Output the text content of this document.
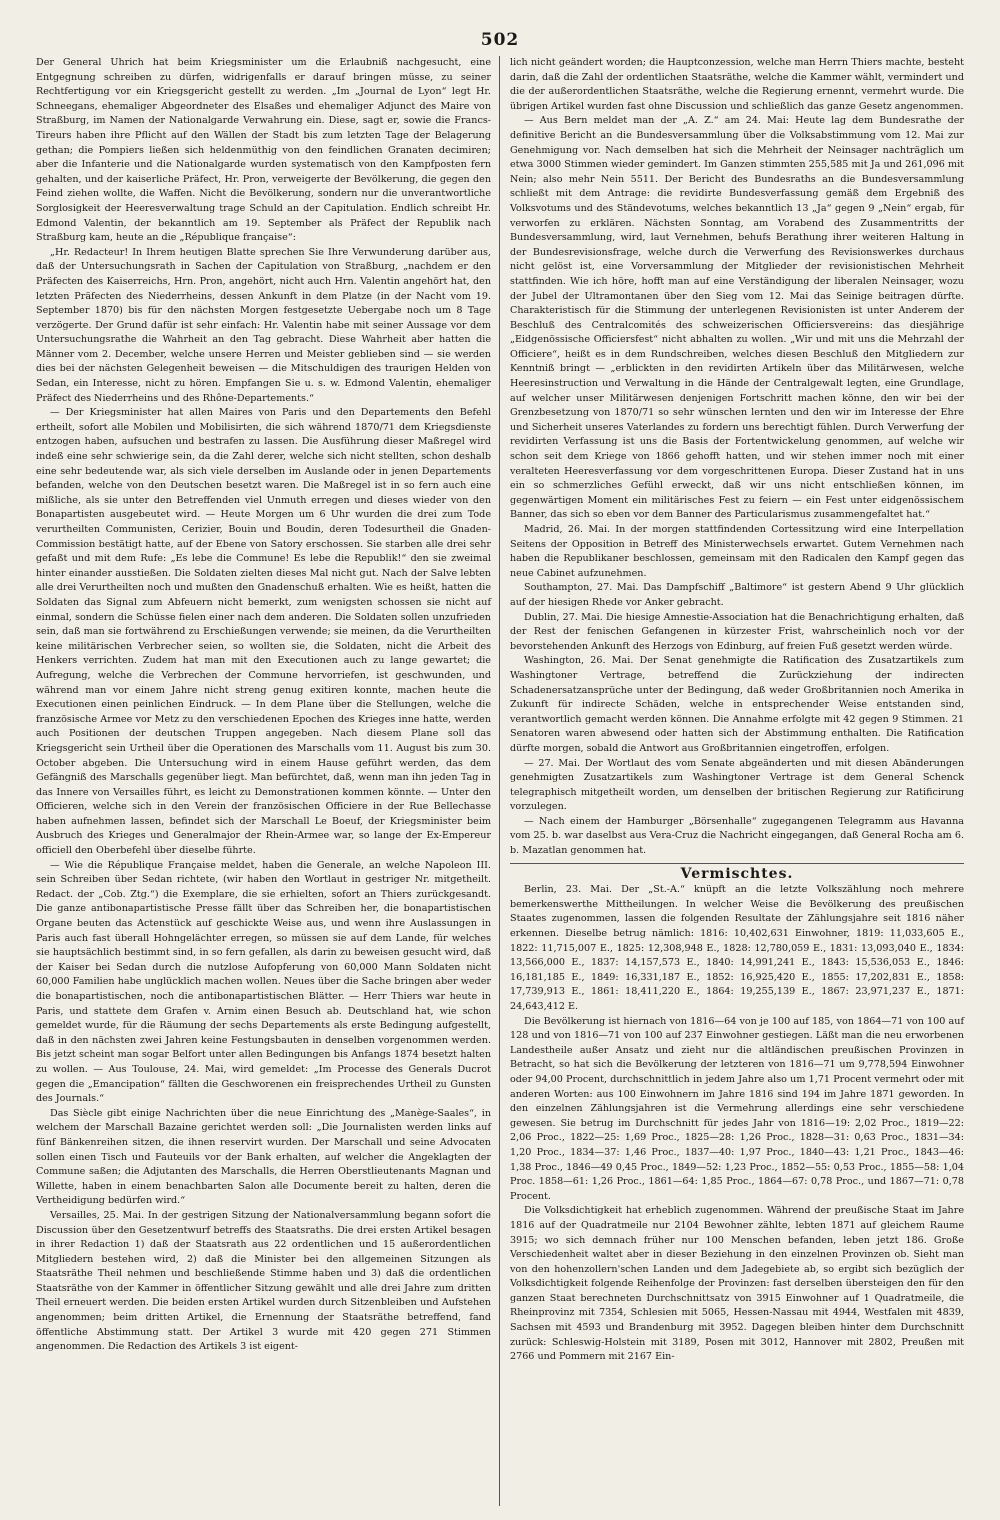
502

Der General Uhrich hat beim Kriegsminister um die Erlaubniß nachgesucht, eine Entgegnung schreiben zu dürfen, widrigenfalls er darauf bringen müsse, zu seiner Rechtfertigung vor ein Kriegsgericht gestellt zu werden. „Im „Journal de Lyon“ legt Hr. Schneegans, ehemaliger Abgeordneter des Elsaßes und ehemaliger Adjunct des Maire von Straßburg, im Namen der Nationalgarde Verwahrung ein. Diese, sagt er, sowie die Francs-Tireurs haben ihre Pflicht auf den Wällen der Stadt bis zum letzten Tage der Belagerung gethan; die Pompiers ließen sich heldenmüthig von den feindlichen Granaten decimiren; aber die Infanterie und die Nationalgarde wurden systematisch von den Kampfposten fern gehalten, und der kaiserliche Präfect, Hr. Pron, verweigerte der Bevölkerung, die gegen den Feind ziehen wollte, die Waffen. Nicht die Bevölkerung, sondern nur die unverantwortliche Sorglosigkeit der Heeresverwaltung trage Schuld an der Capitulation. Endlich schreibt Hr. Edmond Valentin, der bekanntlich am 19. September als Präfect der Republik nach Straßburg kam, heute an die „République française“:

„Hr. Redacteur! In Ihrem heutigen Blatte sprechen Sie Ihre Verwunderung darüber aus, daß der Untersuchungsrath in Sachen der Capitulation von Straßburg, „nachdem er den Präfecten des Kaiserreichs, Hrn. Pron, angehört, nicht auch Hrn. Valentin angehört hat, den letzten Präfecten des Niederrheins, dessen Ankunft in dem Platze (in der Nacht vom 19. September 1870) bis für den nächsten Morgen festgesetzte Uebergabe noch um 8 Tage verzögerte. Der Grund dafür ist sehr einfach: Hr. Valentin habe mit seiner Aussage vor dem Untersuchungsrathe die Wahrheit an den Tag gebracht. Diese Wahrheit aber hatten die Männer vom 2. December, welche unsere Herren und Meister geblieben sind — sie werden dies bei der nächsten Gelegenheit beweisen — die Mitschuldigen des traurigen Helden von Sedan, ein Interesse, nicht zu hören. Empfangen Sie u. s. w. Edmond Valentin, ehemaliger Präfect des Niederrheins und des Rhône-Departements.“

— Der Kriegsminister hat allen Maires von Paris und den Departements den Befehl ertheilt, sofort alle Mobilen und Mobilisirten, die sich während 1870/71 dem Kriegsdienste entzogen haben, aufsuchen und bestrafen zu lassen. Die Ausführung dieser Maßregel wird indeß eine sehr schwierige sein, da die Zahl derer, welche sich nicht stellten, schon deshalb eine sehr bedeutende war, als sich viele derselben im Auslande oder in jenen Departements befanden, welche von den Deutschen besetzt waren. Die Maßregel ist in so fern auch eine mißliche, als sie unter den Betreffenden viel Unmuth erregen und dieses wieder von den Bonapartisten ausgebeutet wird. — Heute Morgen um 6 Uhr wurden die drei zum Tode verurtheilten Communisten, Cerizier, Bouin und Boudin, deren Todesurtheil die Gnaden-Commission bestätigt hatte, auf der Ebene von Satory erschossen. Sie starben alle drei sehr gefaßt und mit dem Rufe: „Es lebe die Commune! Es lebe die Republik!“ den sie zweimal hinter einander ausstießen. Die Soldaten zielten dieses Mal nicht gut. Nach der Salve lebten alle drei Verurtheilten noch und mußten den Gnadenschuß erhalten. Wie es heißt, hatten die Soldaten das Signal zum Abfeuern nicht bemerkt, zum wenigsten schossen sie nicht auf einmal, sondern die Schüsse fielen einer nach dem anderen. Die Soldaten sollen unzufrieden sein, daß man sie fortwährend zu Erschießungen verwende; sie meinen, da die Verurtheilten keine militärischen Verbrecher seien, so wollten sie, die Soldaten, nicht die Arbeit des Henkers verrichten. Zudem hat man mit den Executionen auch zu lange gewartet; die Aufregung, welche die Verbrechen der Commune hervorriefen, ist geschwunden, und während man vor einem Jahre nicht streng genug exitiren konnte, machen heute die Executionen einen peinlichen Eindruck. — In dem Plane über die Stellungen, welche die französische Armee vor Metz zu den verschiedenen Epochen des Krieges inne hatte, werden auch Positionen der deutschen Truppen angegeben. Nach diesem Plane soll das Kriegsgericht sein Urtheil über die Operationen des Marschalls vom 11. August bis zum 30. October abgeben. Die Untersuchung wird in einem Hause geführt werden, das dem Gefängniß des Marschalls gegenüber liegt. Man befürchtet, daß, wenn man ihn jeden Tag in das Innere von Versailles führt, es leicht zu Demonstrationen kommen könnte. — Unter den Officieren, welche sich in den Verein der französischen Officiere in der Rue Bellechasse haben aufnehmen lassen, befindet sich der Marschall Le Boeuf, der Kriegsminister beim Ausbruch des Krieges und Generalmajor der Rhein-Armee war, so lange der Ex-Empereur officiell den Oberbefehl über dieselbe führte.

— Wie die République Française meldet, haben die Generale, an welche Napoleon III. sein Schreiben über Sedan richtete, (wir haben den Wortlaut in gestriger Nr. mitgetheilt. Redact. der „Cob. Ztg.“) die Exemplare, die sie erhielten, sofort an Thiers zurückgesandt. Die ganze antibonapartistische Presse fällt über das Schreiben her, die bonapartistischen Organe beuten das Actenstück auf geschickte Weise aus, und wenn ihre Auslassungen in Paris auch fast überall Hohngelächter erregen, so müssen sie auf dem Lande, für welches sie hauptsächlich bestimmt sind, in so fern gefallen, als darin zu beweisen gesucht wird, daß der Kaiser bei Sedan durch die nutzlose Aufopferung von 60,000 Mann Soldaten nicht 60,000 Familien habe unglücklich machen wollen. Neues über die Sache bringen aber weder die bonapartistischen, noch die antibonapartistischen Blätter. — Herr Thiers war heute in Paris, und stattete dem Grafen v. Arnim einen Besuch ab. Deutschland hat, wie schon gemeldet wurde, für die Räumung der sechs Departements als erste Bedingung aufgestellt, daß in den nächsten zwei Jahren keine Festungsbauten in denselben vorgenommen werden. Bis jetzt scheint man sogar Belfort unter allen Bedingungen bis Anfangs 1874 besetzt halten zu wollen. — Aus Toulouse, 24. Mai, wird gemeldet: „Im Processe des Generals Ducrot gegen die „Emancipation“ fällten die Geschworenen ein freisprechendes Urtheil zu Gunsten des Journals.“

Das Siècle gibt einige Nachrichten über die neue Einrichtung des „Manège-Saales“, in welchem der Marschall Bazaine gerichtet werden soll: „Die Journalisten werden links auf fünf Bänkenreihen sitzen, die ihnen reservirt wurden. Der Marschall und seine Advocaten sollen einen Tisch und Fauteuils vor der Bank erhalten, auf welcher die Angeklagten der Commune saßen; die Adjutanten des Marschalls, die Herren Oberstlieutenants Magnan und Willette, haben in einem benachbarten Salon alle Documente bereit zu halten, deren die Vertheidigung bedürfen wird.“

Versailles, 25. Mai. In der gestrigen Sitzung der Nationalversammlung begann sofort die Discussion über den Gesetzentwurf betreffs des Staatsraths. Die drei ersten Artikel besagen in ihrer Redaction 1) daß der Staatsrath aus 22 ordentlichen und 15 außerordentlichen Mitgliedern bestehen wird, 2) daß die Minister bei den allgemeinen Sitzungen als Staatsräthe Theil nehmen und beschließende Stimme haben und 3) daß die ordentlichen Staatsräthe von der Kammer in öffentlicher Sitzung gewählt und alle drei Jahre zum dritten Theil erneuert werden. Die beiden ersten Artikel wurden durch Sitzenbleiben und Aufstehen angenommen; beim dritten Artikel, die Ernennung der Staatsräthe betreffend, fand öffentliche Abstimmung statt. Der Artikel 3 wurde mit 420 gegen 271 Stimmen angenommen. Die Redaction des Artikels 3 ist eigent-

lich nicht geändert worden; die Hauptconzession, welche man Herrn Thiers machte, besteht darin, daß die Zahl der ordentlichen Staatsräthe, welche die Kammer wählt, vermindert und die der außerordentlichen Staatsräthe, welche die Regierung ernennt, vermehrt wurde. Die übrigen Artikel wurden fast ohne Discussion und schließlich das ganze Gesetz angenommen.

— Aus Bern meldet man der „A. Z.“ am 24. Mai: Heute lag dem Bundesrathe der definitive Bericht an die Bundesversammlung über die Volksabstimmung vom 12. Mai zur Genehmigung vor. Nach demselben hat sich die Mehrheit der Neinsager nachträglich um etwa 3000 Stimmen wieder gemindert. Im Ganzen stimmten 255,585 mit Ja und 261,096 mit Nein; also mehr Nein 5511. Der Bericht des Bundesraths an die Bundesversammlung schließt mit dem Antrage: die revidirte Bundesverfassung gemäß dem Ergebniß des Volksvotums und des Ständevotums, welches bekanntlich 13 „Ja“ gegen 9 „Nein“ ergab, für verworfen zu erklären. Nächsten Sonntag, am Vorabend des Zusammentritts der Bundesversammlung, wird, laut Vernehmen, behufs Berathung ihrer weiteren Haltung in der Bundesrevisionsfrage, welche durch die Verwerfung des Revisionswerkes durchaus nicht gelöst ist, eine Vorversammlung der Mitglieder der revisionistischen Mehrheit stattfinden. Wie ich höre, hofft man auf eine Verständigung der liberalen Neinsager, wozu der Jubel der Ultramontanen über den Sieg vom 12. Mai das Seinige beitragen dürfte. Charakteristisch für die Stimmung der unterlegenen Revisionisten ist unter Anderem der Beschluß des Centralcomités des schweizerischen Officiersvereins: das diesjährige „Eidgenössische Officiersfest“ nicht abhalten zu wollen. „Wir und mit uns die Mehrzahl der Officiere“, heißt es in dem Rundschreiben, welches diesen Beschluß den Mitgliedern zur Kenntniß bringt — „erblickten in den revidirten Artikeln über das Militärwesen, welche Heeresinstruction und Verwaltung in die Hände der Centralgewalt legten, eine Grundlage, auf welcher unser Militärwesen denjenigen Fortschritt machen könne, den wir bei der Grenzbesetzung von 1870/71 so sehr wünschen lernten und den wir im Interesse der Ehre und Sicherheit unseres Vaterlandes zu fordern uns berechtigt fühlen. Durch Verwerfung der revidirten Verfassung ist uns die Basis der Fortentwickelung genommen, auf welche wir schon seit dem Kriege von 1866 gehofft hatten, und wir stehen immer noch mit einer veralteten Heeresverfassung vor dem vorgeschrittenen Europa. Dieser Zustand hat in uns ein so schmerzliches Gefühl erweckt, daß wir uns nicht entschließen können, im gegenwärtigen Moment ein militärisches Fest zu feiern — ein Fest unter eidgenössischem Banner, das sich so eben vor dem Banner des Particularismus zusammengefaltet hat.“

Madrid, 26. Mai. In der morgen stattfindenden Cortessitzung wird eine Interpellation Seitens der Opposition in Betreff des Ministerwechsels erwartet. Gutem Vernehmen nach haben die Republikaner beschlossen, gemeinsam mit den Radicalen den Kampf gegen das neue Cabinet aufzunehmen.

Southampton, 27. Mai. Das Dampfschiff „Baltimore“ ist gestern Abend 9 Uhr glücklich auf der hiesigen Rhede vor Anker gebracht.

Dublin, 27. Mai. Die hiesige Amnestie-Association hat die Benachrichtigung erhalten, daß der Rest der fenischen Gefangenen in kürzester Frist, wahrscheinlich noch vor der bevorstehenden Ankunft des Herzogs von Edinburg, auf freien Fuß gesetzt werden würde.

Washington, 26. Mai. Der Senat genehmigte die Ratification des Zusatzartikels zum Washingtoner Vertrage, betreffend die Zurückziehung der indirecten Schadenersatzansprüche unter der Bedingung, daß weder Großbritannien noch Amerika in Zukunft für indirecte Schäden, welche in entsprechender Weise entstanden sind, verantwortlich gemacht werden können. Die Annahme erfolgte mit 42 gegen 9 Stimmen. 21 Senatoren waren abwesend oder hatten sich der Abstimmung enthalten. Die Ratification dürfte morgen, sobald die Antwort aus Großbritannien eingetroffen, erfolgen.

— 27. Mai. Der Wortlaut des vom Senate abgeänderten und mit diesen Abänderungen genehmigten Zusatzartikels zum Washingtoner Vertrage ist dem General Schenck telegraphisch mitgetheilt worden, um denselben der britischen Regierung zur Ratificirung vorzulegen.

— Nach einem der Hamburger „Börsenhalle“ zugegangenen Telegramm aus Havanna vom 25. b. war daselbst aus Vera-Cruz die Nachricht eingegangen, daß General Rocha am 6. b. Mazatlan genommen hat.

Vermischtes.

Berlin, 23. Mai. Der „St.-A.“ knüpft an die letzte Volkszählung noch mehrere bemerkenswerthe Mittheilungen. In welcher Weise die Bevölkerung des preußischen Staates zugenommen, lassen die folgenden Resultate der Zählungsjahre seit 1816 näher erkennen. Dieselbe betrug nämlich: 1816: 10,402,631 Einwohner, 1819: 11,033,605 E., 1822: 11,715,007 E., 1825: 12,308,948 E., 1828: 12,780,059 E., 1831: 13,093,040 E., 1834: 13,566,000 E., 1837: 14,157,573 E., 1840: 14,991,241 E., 1843: 15,536,053 E., 1846: 16,181,185 E., 1849: 16,331,187 E., 1852: 16,925,420 E., 1855: 17,202,831 E., 1858: 17,739,913 E., 1861: 18,411,220 E., 1864: 19,255,139 E., 1867: 23,971,237 E., 1871: 24,643,412 E.

Die Bevölkerung ist hiernach von 1816—64 von je 100 auf 185, von 1864—71 von 100 auf 128 und von 1816—71 von 100 auf 237 Einwohner gestiegen. Läßt man die neu erworbenen Landestheile außer Ansatz und zieht nur die altländischen preußischen Provinzen in Betracht, so hat sich die Bevölkerung der letzteren von 1816—71 um 9,778,594 Einwohner oder 94,00 Procent, durchschnittlich in jedem Jahre also um 1,71 Procent vermehrt oder mit anderen Worten: aus 100 Einwohnern im Jahre 1816 sind 194 im Jahre 1871 geworden. In den einzelnen Zählungsjahren ist die Vermehrung allerdings eine sehr verschiedene gewesen. Sie betrug im Durchschnitt für jedes Jahr von 1816—19: 2,02 Proc., 1819—22: 2,06 Proc., 1822—25: 1,69 Proc., 1825—28: 1,26 Proc., 1828—31: 0,63 Proc., 1831—34: 1,20 Proc., 1834—37: 1,46 Proc., 1837—40: 1,97 Proc., 1840—43: 1,21 Proc., 1843—46: 1,38 Proc., 1846—49 0,45 Proc., 1849—52: 1,23 Proc., 1852—55: 0,53 Proc., 1855—58: 1,04 Proc. 1858—61: 1,26 Proc., 1861—64: 1,85 Proc., 1864—67: 0,78 Proc., und 1867—71: 0,78 Procent.

Die Volksdichtigkeit hat erheblich zugenommen. Während der preußische Staat im Jahre 1816 auf der Quadratmeile nur 2104 Bewohner zählte, lebten 1871 auf gleichem Raume 3915; wo sich demnach früher nur 100 Menschen befanden, leben jetzt 186. Große Verschiedenheit waltet aber in dieser Beziehung in den einzelnen Provinzen ob. Sieht man von den hohenzollern'schen Landen und dem Jadegebiete ab, so ergibt sich bezüglich der Volksdichtigkeit folgende Reihenfolge der Provinzen: fast derselben übersteigen den für den ganzen Staat berechneten Durchschnittsatz von 3915 Einwohner auf 1 Quadratmeile, die Rheinprovinz mit 7354, Schlesien mit 5065, Hessen-Nassau mit 4944, Westfalen mit 4839, Sachsen mit 4593 und Brandenburg mit 3952. Dagegen bleiben hinter dem Durchschnitt zurück: Schleswig-Holstein mit 3189, Posen mit 3012, Hannover mit 2802, Preußen mit 2766 und Pommern mit 2167 Ein-
